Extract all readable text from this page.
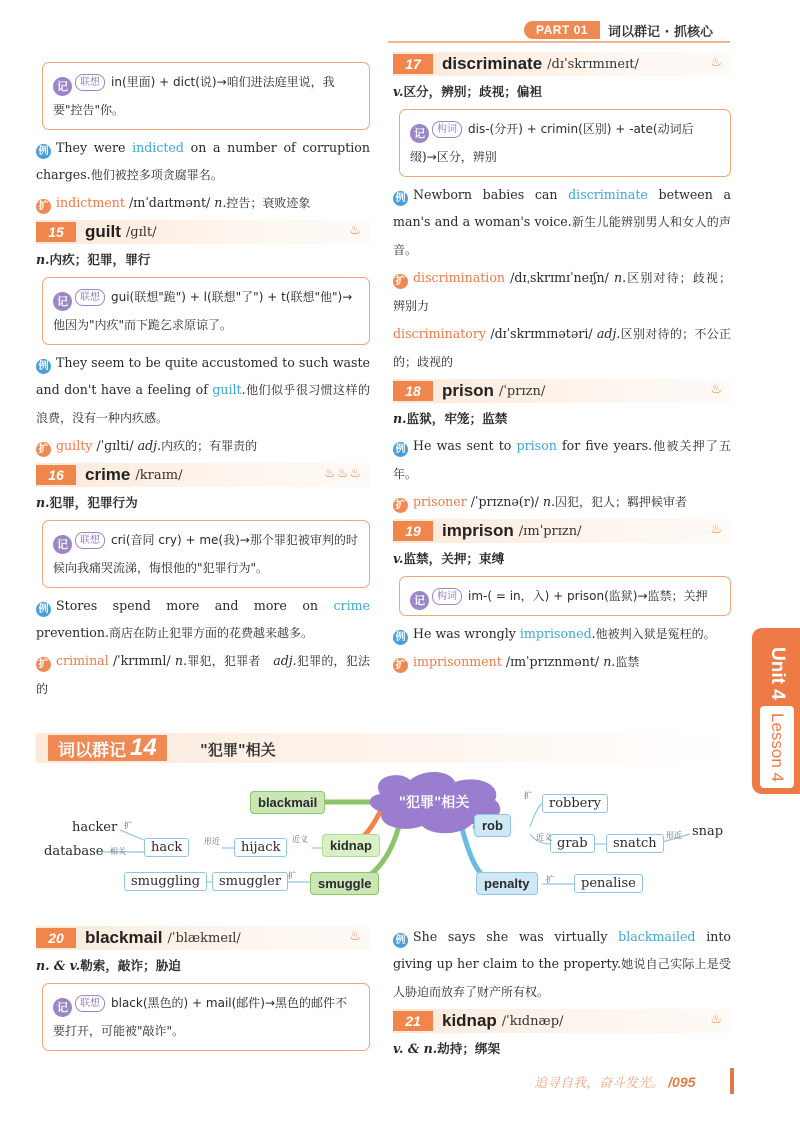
PART 01	词以群记 · 抓核心
Unit 4
Lesson 4
记 联想 in(里面) + dict(说)→咱们进法庭里说，我要"控告"你。

例 They were indicted on a number of corruption charges.他们被控多项贪腐罪名。

扩 indictment /ɪnˈdaɪtmənt/ n.控告；衰败迹象

15	guilt /ɡɪlt/	♨

n.内疚；犯罪，罪行

记 联想 gui(联想"跪") + l(联想"了") + t(联想"他")→他因为"内疚"而下跪乞求原谅了。

例 They seem to be quite accustomed to such waste and don't have a feeling of guilt.他们似乎很习惯这样的浪费，没有一种内疚感。

扩 guilty /ˈɡɪlti/ adj.内疚的；有罪责的

16	crime /kraɪm/	♨♨♨

n.犯罪，犯罪行为

记 联想 cri(音同 cry) + me(我)→那个罪犯被审判的时候向我痛哭流涕，悔恨他的"犯罪行为"。

例 Stores spend more and more on crime prevention.商店在防止犯罪方面的花费越来越多。

扩 criminal /ˈkrɪmɪnl/ n.罪犯，犯罪者 adj.犯罪的，犯法的

17	discriminate /dɪˈskrɪmɪneɪt/	♨

v.区分，辨别；歧视；偏袒

记 构词 dis-(分开) + crimin(区别) + -ate(动词后缀)→区分，辨别

例 Newborn babies can discriminate between a man's and a woman's voice.新生儿能辨别男人和女人的声音。

扩 discrimination /dɪˌskrɪmɪˈneɪʃn/ n.区别对待；歧视；辨别力

discriminatory /dɪˈskrɪmɪnətəri/ adj.区别对待的；不公正的；歧视的

18	prison /ˈprɪzn/	♨

n.监狱，牢笼；监禁

例 He was sent to prison for five years.他被关押了五年。

扩 prisoner /ˈprɪznə(r)/ n.囚犯，犯人；羁押候审者

19	imprison /ɪmˈprɪzn/	♨

v.监禁，关押；束缚

记 构词 im-( = in，入) + prison(监狱)→监禁；关押

例 He was wrongly imprisoned.他被判入狱是冤枉的。

扩 imprisonment /ɪmˈprɪznmənt/ n.监禁

词以群记 14	"犯罪"相关
"犯罪"相关
blackmail
kidnap
smuggle
rob
penalty
hijack
hack
hacker
database
smuggler
smuggling
robbery
grab	snatch
snap
penalise
扩
相关
形近	近义
扩
扩
近义	形近
扩
20	blackmail /ˈblækmeɪl/	♨

n. & v.勒索，敲诈；胁迫

记 联想 black(黑色的) + mail(邮件)→黑色的邮件不要打开，可能被"敲诈"。

例 She says she was virtually blackmailed into giving up her claim to the property.她说自己实际上是受人胁迫而放弃了财产所有权。

21	kidnap /ˈkɪdnæp/	♨

v. & n.劫持；绑架

追寻自我，奋斗发光。 /095
